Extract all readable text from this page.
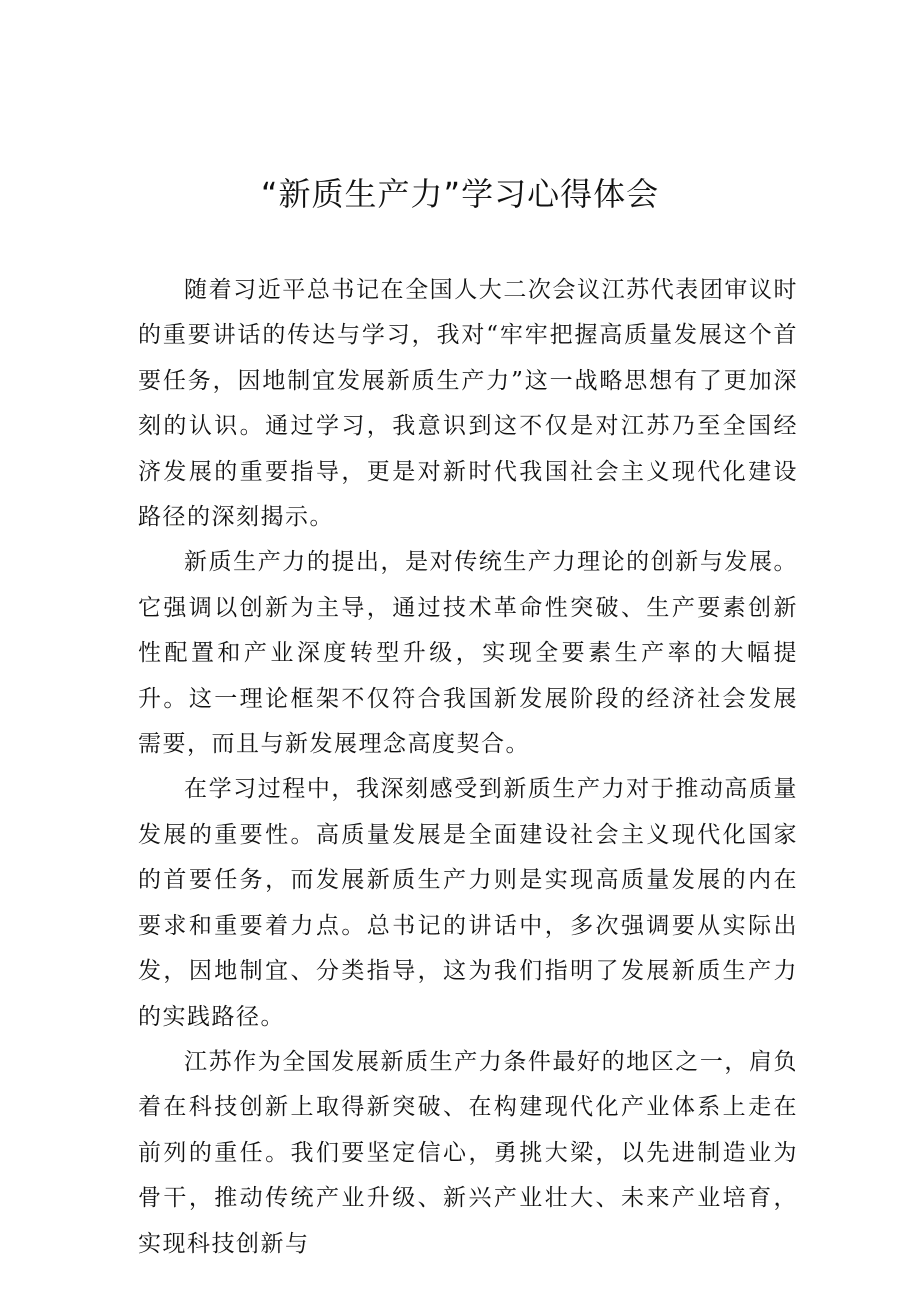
“新质生产力”学习心得体会

随着习近平总书记在全国人大二次会议江苏代表团审议时的重要讲话的传达与学习，我对“牢牢把握高质量发展这个首要任务，因地制宜发展新质生产力”这一战略思想有了更加深刻的认识。通过学习，我意识到这不仅是对江苏乃至全国经济发展的重要指导，更是对新时代我国社会主义现代化建设路径的深刻揭示。

新质生产力的提出，是对传统生产力理论的创新与发展。它强调以创新为主导，通过技术革命性突破、生产要素创新性配置和产业深度转型升级，实现全要素生产率的大幅提升。这一理论框架不仅符合我国新发展阶段的经济社会发展需要，而且与新发展理念高度契合。

在学习过程中，我深刻感受到新质生产力对于推动高质量发展的重要性。高质量发展是全面建设社会主义现代化国家的首要任务，而发展新质生产力则是实现高质量发展的内在要求和重要着力点。总书记的讲话中，多次强调要从实际出发，因地制宜、分类指导，这为我们指明了发展新质生产力的实践路径。

江苏作为全国发展新质生产力条件最好的地区之一，肩负着在科技创新上取得新突破、在构建现代化产业体系上走在前列的重任。我们要坚定信心，勇挑大梁，以先进制造业为骨干，推动传统产业升级、新兴产业壮大、未来产业培育，实现科技创新与
